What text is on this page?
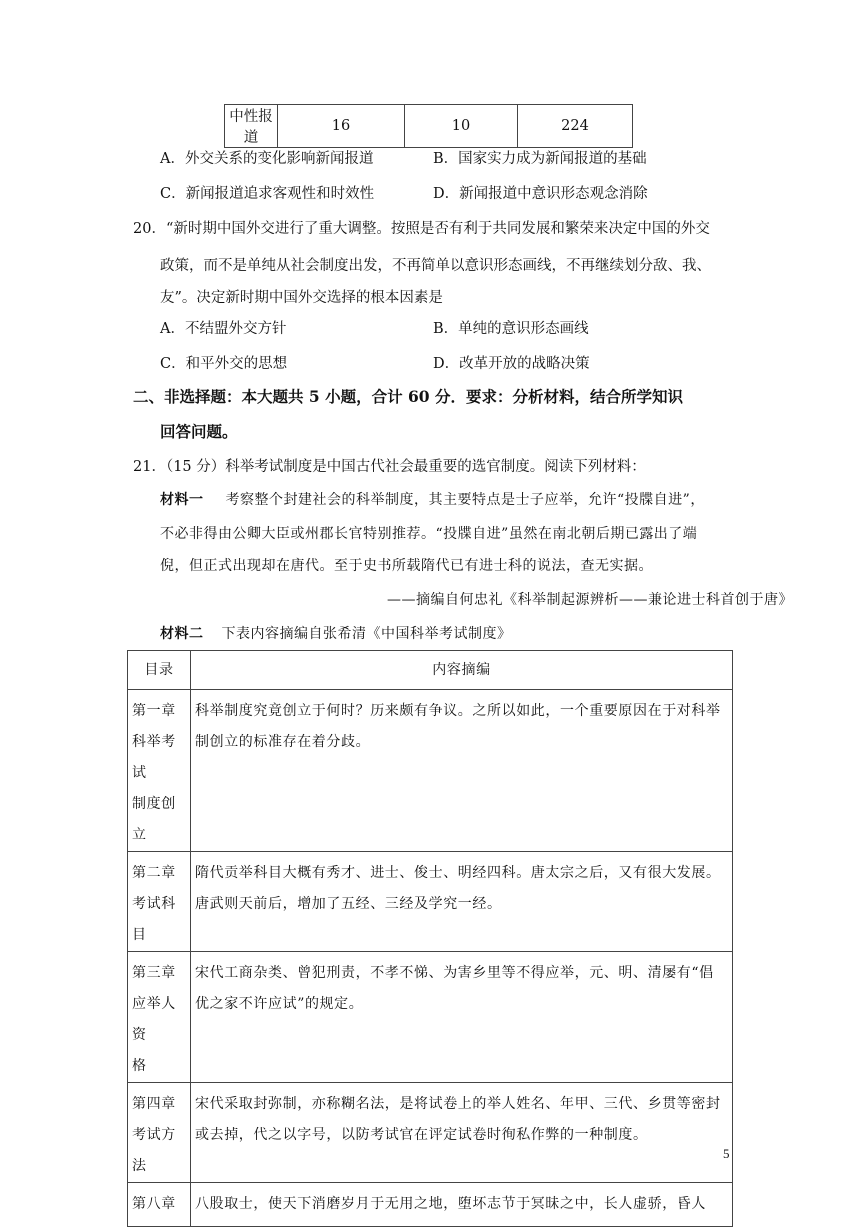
中性报道	16	10	224
A．外交关系的变化影响新闻报道	B．国家实力成为新闻报道的基础
C．新闻报道追求客观性和时效性	D．新闻报道中意识形态观念消除
20．“新时期中国外交进行了重大调整。按照是否有利于共同发展和繁荣来决定中国的外交
政策，而不是单纯从社会制度出发，不再简单以意识形态画线，不再继续划分敌、我、
友”。决定新时期中国外交选择的根本因素是
A．不结盟外交方针	B．单纯的意识形态画线
C．和平外交的思想	D．改革开放的战略决策
二、非选择题：本大题共 5 小题，合计 60 分．要求：分析材料，结合所学知识
回答问题。
21．（15 分）科举考试制度是中国古代社会最重要的选官制度。阅读下列材料：
材料一 考察整个封建社会的科举制度，其主要特点是士子应举，允许“投牒自进”，
不必非得由公卿大臣或州郡长官特别推荐。“投牒自进”虽然在南北朝后期已露出了端
倪，但正式出现却在唐代。至于史书所载隋代已有进士科的说法，查无实据。
——摘编自何忠礼《科举制起源辨析——兼论进士科首创于唐》
材料二 下表内容摘编自张希清《中国科举考试制度》
目录	内容摘编
第一章
科举考试
制度创立	科举制度究竟创立于何时？历来颇有争议。之所以如此，一个重要原因在于对科举制创立的标准存在着分歧。
第二章
考试科目	隋代贡举科目大概有秀才、进士、俊士、明经四科。唐太宗之后，又有很大发展。唐武则天前后，增加了五经、三经及学究一经。
第三章
应举人资
格	宋代工商杂类、曾犯刑责，不孝不悌、为害乡里等不得应举，元、明、清屡有“倡优之家不许应试”的规定。
第四章
考试方法	宋代采取封弥制，亦称糊名法，是将试卷上的举人姓名、年甲、三代、乡贯等密封或去掉，代之以字号，以防考试官在评定试卷时徇私作弊的一种制度。
第八章	八股取士，使天下消磨岁月于无用之地，堕坏志节于冥昧之中，长人虚骄，昏人
5
